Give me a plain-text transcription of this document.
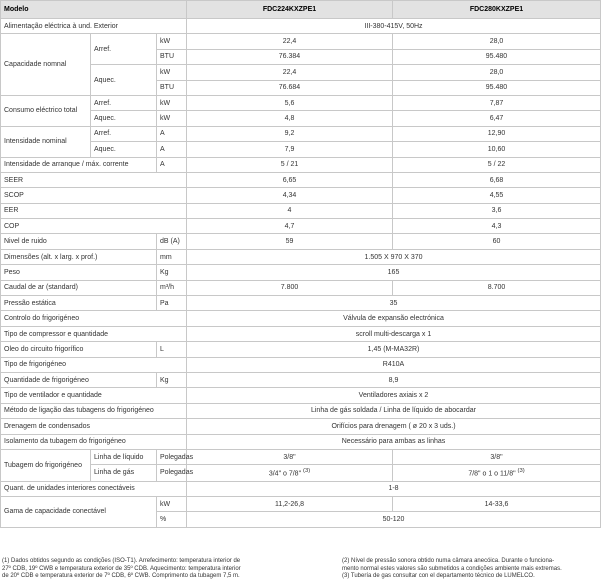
Modelo			FDC224KXZPE1	FDC280KXZPE1
Alimentação eléctrica à und. Exterior			III-380-415V, 50Hz	
Capacidade nomnal	Arref.	kW	22,4	28,0
		BTU	76.384	95.480
	Aquec.	kW	22,4	28,0
		BTU	76.684	95.480
Consumo eléctrico total	Arref.	kW	5,6	7,87
	Aquec.	kW	4,8	6,47
Intensidade nominal	Arref.	A	9,2	12,90
	Aquec.	A	7,9	10,60
Intensidade de arranque / máx. corrente		A	5 / 21	5 / 22
SEER			6,65	6,68
SCOP			4,34	4,55
EER			4	3,6
COP			4,7	4,3
Nivel de ruido		dB (A)	59	60
Dimensões (alt. x larg. x prof.)		mm	1.505 X 970 X 370	
Peso		Kg	165	
Caudal de ar (standard)		m³/h	7.800	8.700
Pressão estática		Pa	35	
Controlo do frigorigéneo			Válvula de expansão electrónica	
Tipo de compressor e quantidade			scroll multi-descarga x 1	
Oleo do circuito frigorífico		L	1,45 (M-MA32R)	
Tipo de frigorigéneo			R410A	
Quantidade de frigorigéneo		Kg	8,9	
Tipo de ventilador e quantidade			Ventiladores axiais x 2	
Método de ligação das tubagens do frigorigéneo			Linha de gás soldada / Linha de líquido de abocardar	
Drenagem de condensados			Orifícios para drenagem ( ø 20 x 3 uds.)	
Isolamento da tubagem do frigorigéneo			Necessário para ambas as linhas	
Tubagem do frigorigéneo	Linha de líquido	Polegadas	3/8"	3/8"
	Linha de gás	Polegadas	3/4" o 7/8" $^{(3)}$	7/8" o 1 o 11/8" $^{(3)}$
Quant. de unidades interiores conectáveis			1-8	
Gama de capacidade conectável		kW	11,2-26,8	14-33,6
		%	50-120	
(1) Dados obtidos segundo as condições (ISO-T1). Arrefecimento: temperatura interior de
27º CDB, 19º CWB e temperatura exterior de 35º CDB. Aquecimento: temperatura interior
de 20º CDB e temperatura exterior de 7º CDB, 6º CWB. Comprimento da tubagem 7,5 m.
(2) Nível de pressão sonora obtido numa câmara anecóica. Durante o funciona-
mento normal estes valores são submetidos a condições ambiente mais extremas.
(3) Tubería de gas consultar con el departamento técnico de LUMELCO.
